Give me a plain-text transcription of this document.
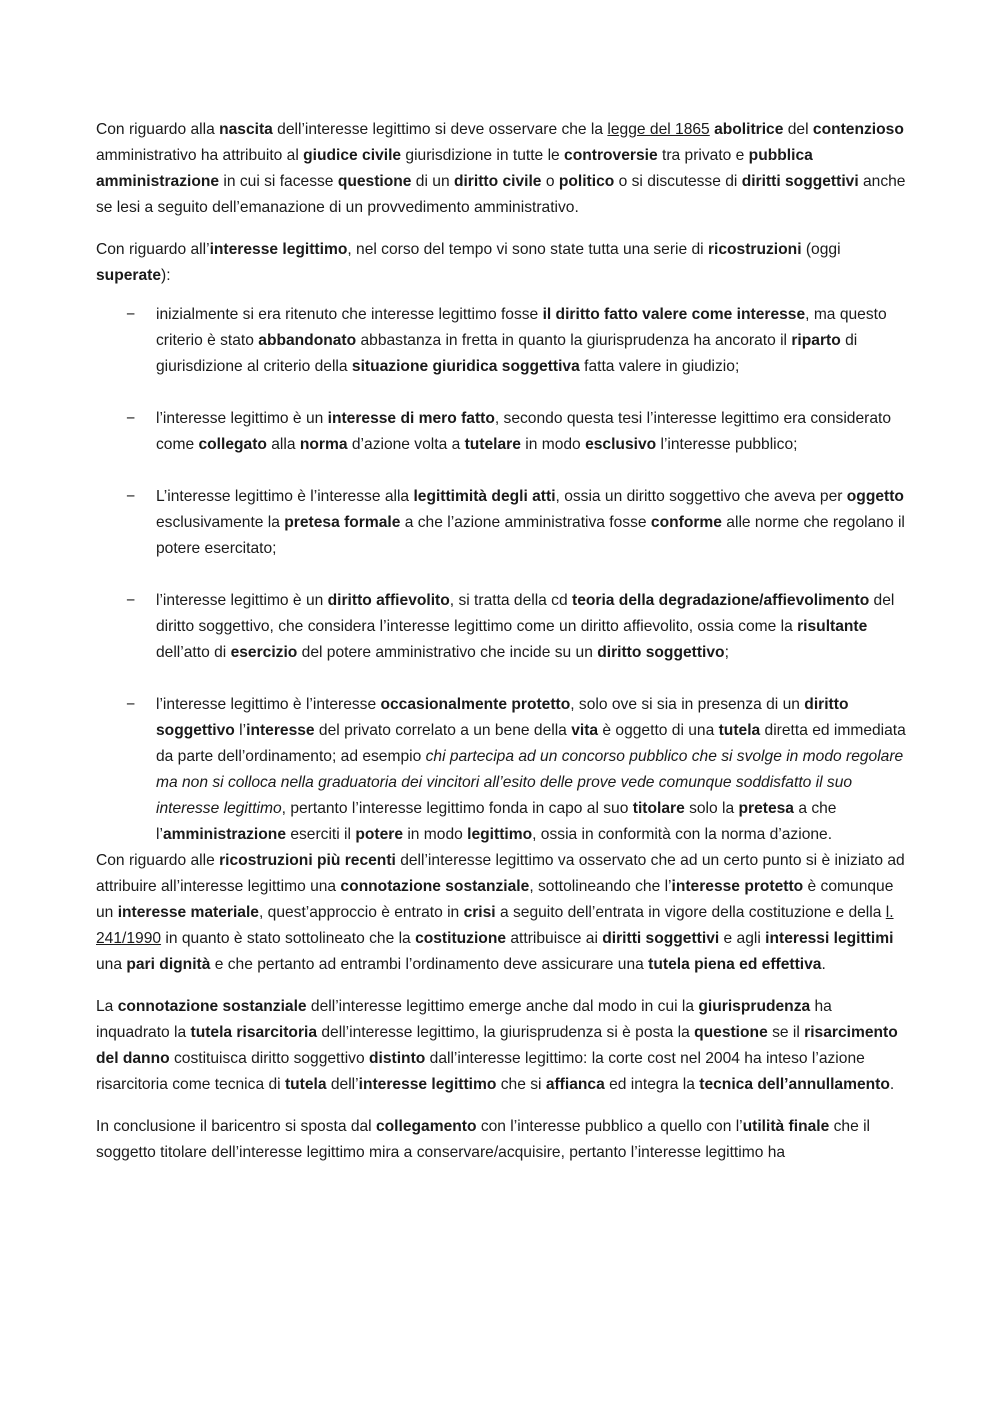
Con riguardo alla nascita dell’interesse legittimo si deve osservare che la legge del 1865 abolitrice del contenzioso amministrativo ha attribuito al giudice civile giurisdizione in tutte le controversie tra privato e pubblica amministrazione in cui si facesse questione di un diritto civile o politico o si discutesse di diritti soggettivi anche se lesi a seguito dell’emanazione di un provvedimento amministrativo.

Con riguardo all’interesse legittimo, nel corso del tempo vi sono state tutta una serie di ricostruzioni (oggi superate):

− inizialmente si era ritenuto che interesse legittimo fosse il diritto fatto valere come interesse, ma questo criterio è stato abbandonato abbastanza in fretta in quanto la giurisprudenza ha ancorato il riparto di giurisdizione al criterio della situazione giuridica soggettiva fatta valere in giudizio;
− l’interesse legittimo è un interesse di mero fatto, secondo questa tesi l’interesse legittimo era considerato come collegato alla norma d’azione volta a tutelare in modo esclusivo l’interesse pubblico;
− L’interesse legittimo è l’interesse alla legittimità degli atti, ossia un diritto soggettivo che aveva per oggetto esclusivamente la pretesa formale a che l’azione amministrativa fosse conforme alle norme che regolano il potere esercitato;
− l’interesse legittimo è un diritto affievolito, si tratta della cd teoria della degradazione/affievolimento del diritto soggettivo, che considera l’interesse legittimo come un diritto affievolito, ossia come la risultante dell’atto di esercizio del potere amministrativo che incide su un diritto soggettivo;
− l’interesse legittimo è l’interesse occasionalmente protetto, solo ove si sia in presenza di un diritto soggettivo l’interesse del privato correlato a un bene della vita è oggetto di una tutela diretta ed immediata da parte dell’ordinamento; ad esempio chi partecipa ad un concorso pubblico che si svolge in modo regolare ma non si colloca nella graduatoria dei vincitori all’esito delle prove vede comunque soddisfatto il suo interesse legittimo, pertanto l’interesse legittimo fonda in capo al suo titolare solo la pretesa a che l’amministrazione eserciti il potere in modo legittimo, ossia in conformità con la norma d’azione.

Con riguardo alle ricostruzioni più recenti dell’interesse legittimo va osservato che ad un certo punto si è iniziato ad attribuire all’interesse legittimo una connotazione sostanziale, sottolineando che l’interesse protetto è comunque un interesse materiale, quest’approccio è entrato in crisi a seguito dell’entrata in vigore della costituzione e della l. 241/1990 in quanto è stato sottolineato che la costituzione attribuisce ai diritti soggettivi e agli interessi legittimi una pari dignità e che pertanto ad entrambi l’ordinamento deve assicurare una tutela piena ed effettiva.

La connotazione sostanziale dell’interesse legittimo emerge anche dal modo in cui la giurisprudenza ha inquadrato la tutela risarcitoria dell’interesse legittimo, la giurisprudenza si è posta la questione se il risarcimento del danno costituisca diritto soggettivo distinto dall’interesse legittimo: la corte cost nel 2004 ha inteso l’azione risarcitoria come tecnica di tutela dell’interesse legittimo che si affianca ed integra la tecnica dell’annullamento.

In conclusione il baricentro si sposta dal collegamento con l’interesse pubblico a quello con l’utilità finale che il soggetto titolare dell’interesse legittimo mira a conservare/acquisire, pertanto l’interesse legittimo ha
